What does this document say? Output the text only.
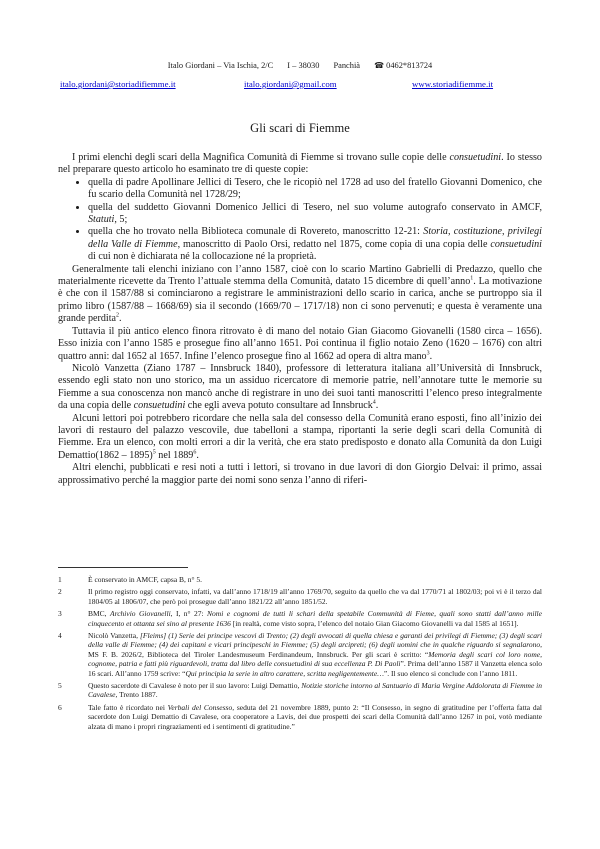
Italo Giordani – Via Ischia, 2/C I – 38030 Panchià ☎ 0462*813724
italo.giordani@storiadifiemme.it	italo.giordani@gmail.com	www.storiadifiemme.it
Gli scari di Fiemme

I primi elenchi degli scari della Magnifica Comunità di Fiemme si trovano sulle copie delle consuetudini. Io stesso nel preparare questo articolo ho esaminato tre di queste copie:

• quella di padre Apollinare Jellici di Tesero, che le ricopiò nel 1728 ad uso del fratello Giovanni Domenico, che fu scario della Comunità nel 1728/29;
• quella del suddetto Giovanni Domenico Jellici di Tesero, nel suo volume autografo conservato in AMCF, Statuti, 5;
• quella che ho trovato nella Biblioteca comunale di Rovereto, manoscritto 12-21: Storia, costituzione, privilegi della Valle di Fiemme, manoscritto di Paolo Orsi, redatto nel 1875, come copia di una copia delle consuetudini di cui non è dichiarata né la collocazione né la proprietà.

Generalmente tali elenchi iniziano con l’anno 1587, cioè con lo scario Martino Gabrielli di Predazzo, quello che materialmente ricevette da Trento l’attuale stemma della Comunità, datato 15 dicembre di quell’anno$^1$. La motivazione è che con il 1587/88 si cominciarono a registrare le amministrazioni dello scario in carica, anche se purtroppo sia il primo libro (1587/88 – 1668/69) sia il secondo (1669/70 – 1717/18) non ci sono pervenuti; e questa è veramente una grande perdita$^2$.

Tuttavia il più antico elenco finora ritrovato è di mano del notaio Gian Giacomo Giovanelli (1580 circa – 1656). Esso inizia con l’anno 1585 e prosegue fino all’anno 1651. Poi continua il figlio notaio Zeno (1620 – 1676) con altri quattro anni: dal 1652 al 1657. Infine l’elenco prosegue fino al 1662 ad opera di altra mano$^3$.

Nicolò Vanzetta (Ziano 1787 – Innsbruck 1840), professore di letteratura italiana all’Università di Innsbruck, essendo egli stato non uno storico, ma un assiduo ricercatore di memorie patrie, nell’annotare tutte le memorie su Fiemme a sua conoscenza non mancò anche di registrare in uno dei suoi tanti manoscritti l’elenco preso integralmente da una copia delle consuetudini che egli aveva potuto consultare ad Innsbruck$^4$.

Alcuni lettori poi potrebbero ricordare che nella sala del consesso della Comunità erano esposti, fino all’inizio dei lavori di restauro del palazzo vescovile, due tabelloni a stampa, riportanti la serie degli scari della Comunità di Fiemme. Era un elenco, con molti errori a dir la verità, che era stato predisposto e donato alla Comunità da don Luigi Demattio(1862 – 1895)$^5$ nel 1889$^6$.

Altri elenchi, pubblicati e resi noti a tutti i lettori, si trovano in due lavori di don Giorgio Delvai: il primo, assai approssimativo perché la maggior parte dei nomi sono senza l’anno di riferi-

1	È conservato in AMCF, capsa B, n° 5.
2	Il primo registro oggi conservato, infatti, va dall’anno 1718/19 all’anno 1769/70, seguito da quello che va dal 1770/71 al 1802/03; poi vi è il terzo dal 1804/05 al 1806/07, che però poi prosegue dall’anno 1821/22 all’anno 1851/52.
3	BMC, Archivio Giovanelli, I, n° 27: Nomi e cognomi de tutti li schari della spetabile Communità di Fieme, quali sono statti dall’anno mille cinquecento et ottanta sei sino al presente 1636 [in realtà, come visto sopra, l’elenco del notaio Gian Giacomo Giovanelli va dal 1585 al 1651].
4	Nicolò Vanzetta, [Fleims] (1) Serie dei principe vescovi di Trento; (2) degli avvocati di quella chiesa e garanti dei privilegi di Fiemme; (3) degli scari della valle di Fiemme; (4) dei capitani e vicari principeschi in Fiemme; (5) degli arcipreti; (6) degli uomini che in qualche riguardo si segnalarono, MS F. B. 2026/2, Biblioteca del Tiroler Landesmuseum Ferdinandeum, Innsbruck. Per gli scari è scritto: “Memoria degli scari col loro nome, cognome, patria e fatti più riguardevoli, tratta dal libro delle consuetudini di sua eccellenza P. Di Paoli”. Prima dell’anno 1587 il Vanzetta elenca solo 16 scari. All’anno 1759 scrive: “Qui principia la serie in altro carattere, scritta negligentemente…”. Il suo elenco si conclude con l’anno 1811.
5	Questo sacerdote di Cavalese è noto per il suo lavoro: Luigi Demattio, Notizie storiche intorno al Santuario di Maria Vergine Addolorata di Fiemme in Cavalese, Trento 1887.
6	Tale fatto è ricordato nei Verbali del Consesso, seduta del 21 novembre 1889, punto 2: “Il Consesso, in segno di gratitudine per l’offerta fatta dal sacerdote don Luigi Demattio di Cavalese, ora cooperatore a Lavis, dei due prospetti dei scari della Comunità dall’anno 1267 in poi, votò mediante alzata di mano i propri ringraziamenti ed i sentimenti di gratitudine.”
